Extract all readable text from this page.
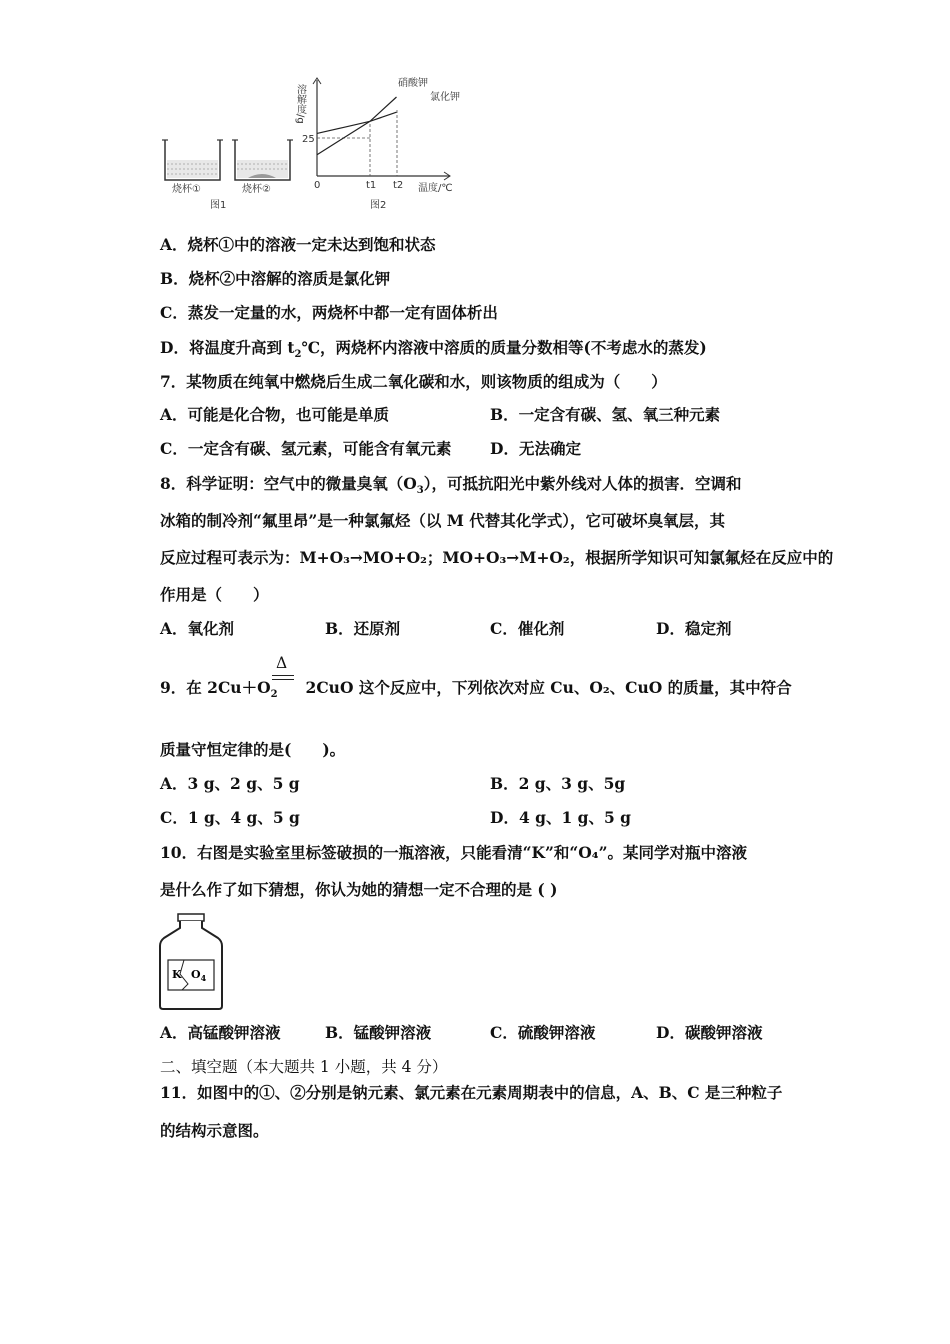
烧杯①
图1
烧杯②
溶解度/g
25
0	t1 t2 温度/℃
硝酸钾
氯化钾
图2
A．烧杯①中的溶液一定未达到饱和状态
B．烧杯②中溶解的溶质是氯化钾
C．蒸发一定量的水，两烧杯中都一定有固体析出
D．将温度升高到 $t_2℃$，两烧杯内溶液中溶质的质量分数相等(不考虑水的蒸发)
7．某物质在纯氧中燃烧后生成二氧化碳和水，则该物质的组成为（　　）
A．可能是化合物，也可能是单质	B．一定含有碳、氢、氧三种元素
C．一定含有碳、氢元素，可能含有氧元素 D．无法确定
8．科学证明：空气中的微量臭氧$(O_3)$，可抵抗阳光中紫外线对人体的损害．空调和
冰箱的制冷剂“氟里昂”是一种氯氟烃（以 M 代替其化学式），它可破坏臭氧层，其
反应过程可表示为：M+O₃→MO+O₂；MO+O₃→M+O₂，根据所学知识可知氯氟烃在反应中的
作用是（　　）
A．氧化剂	B．还原剂	C．催化剂	D．稳定剂
Δ
9．在 $2Cu+O_2$ 2CuO 这个反应中，下列依次对应 Cu、O₂、CuO 的质量，其中符合
质量守恒定律的是(　　)。
A．3 g、2 g、5 g	B．2 g、3 g、5g
C．1 g、4 g、5 g	D．4 g、1 g、5 g
10．右图是实验室里标签破损的一瓶溶液，只能看清“K”和“O₄”。某同学对瓶中溶液
是什么作了如下猜想，你认为她的猜想一定不合理的是 ( )
K $O_4$
A．高锰酸钾溶液	B．锰酸钾溶液	C．硫酸钾溶液	D．碳酸钾溶液
二、填空题（本大题共 1 小题，共 4 分）
11．如图中的①、②分别是钠元素、氯元素在元素周期表中的信息，A、B、C 是三种粒子
的结构示意图。
